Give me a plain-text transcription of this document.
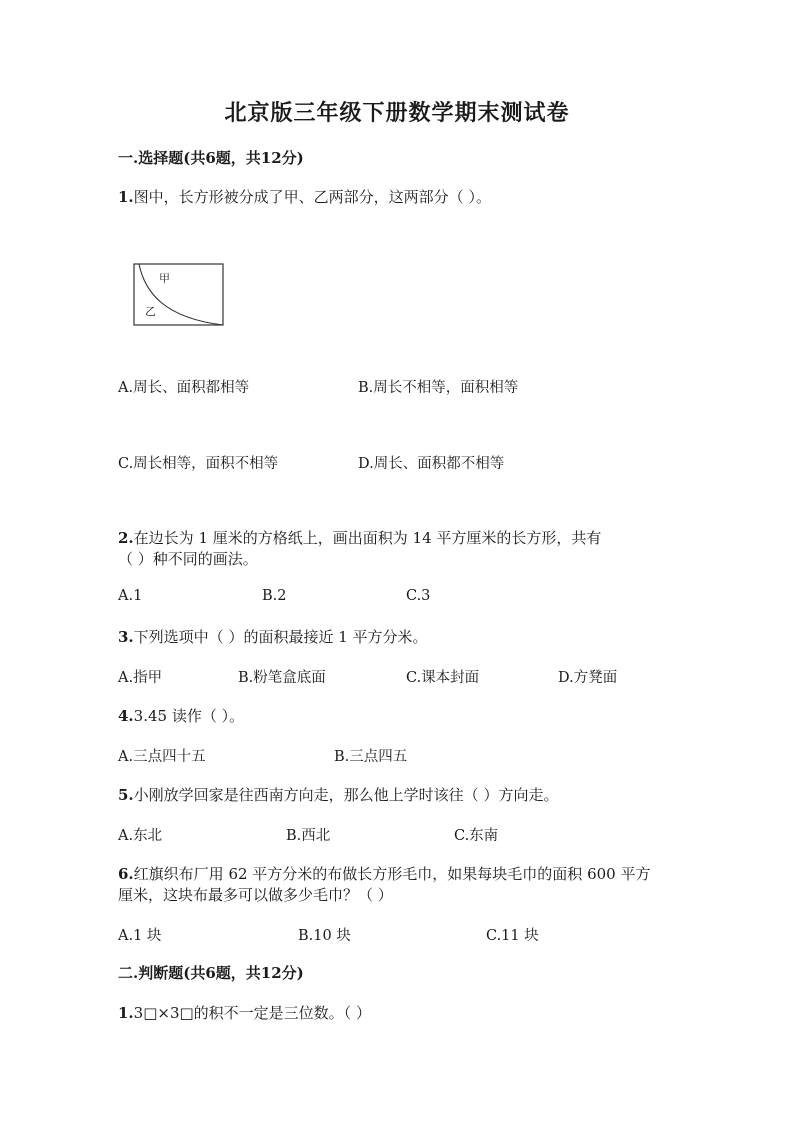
北京版三年级下册数学期末测试卷
一.选择题(共6题，共12分)
1.图中，长方形被分成了甲、乙两部分，这两部分（ ）。
甲
乙
A.周长、面积都相等	B.周长不相等，面积相等
C.周长相等，面积不相等	D.周长、面积都不相等
2.在边长为 1 厘米的方格纸上，画出面积为 14 平方厘米的长方形，共有
（ ）种不同的画法。
A.1	B.2	C.3
3.下列选项中（ ）的面积最接近 1 平方分米。
A.指甲	B.粉笔盒底面	C.课本封面	D.方凳面
4.3.45 读作（ ）。
A.三点四十五	B.三点四五
5.小刚放学回家是往西南方向走，那么他上学时该往（ ）方向走。
A.东北	B.西北	C.东南
6.红旗织布厂用 62 平方分米的布做长方形毛巾，如果每块毛巾的面积 600 平方
厘米，这块布最多可以做多少毛巾？（ ）
A.1 块	B.10 块	C.11 块
二.判断题(共6题，共12分)
1.3□×3□的积不一定是三位数。（ ）
